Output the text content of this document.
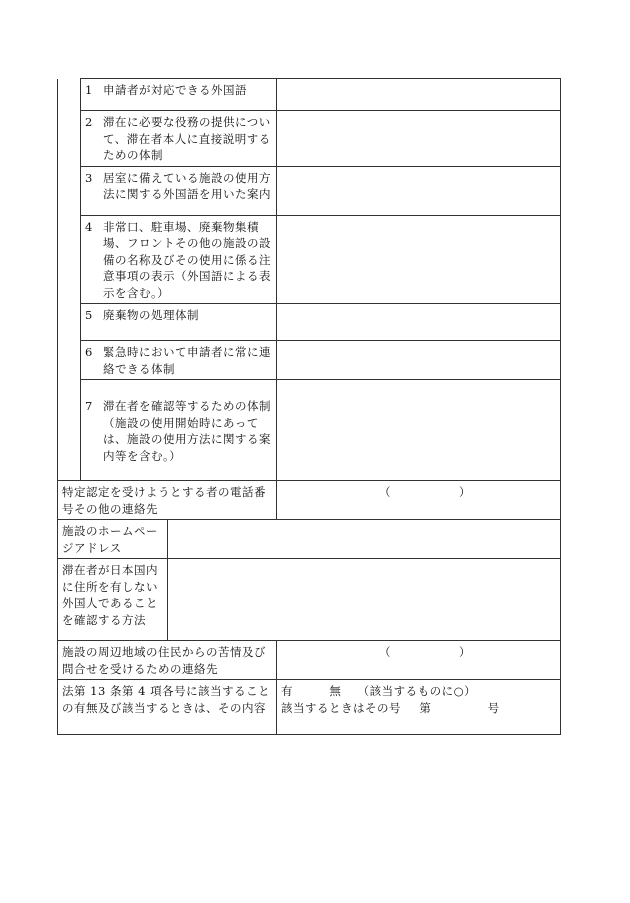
	1 申請者が対応できる外国語		

	2 滞在に必要な役務の提供について、滞在者本人に直接説明するための体制		

	3 居室に備えている施設の使用方法に関する外国語を用いた案内		

	4 非常口、駐車場、廃棄物集積場、フロントその他の施設の設備の名称及びその使用に係る注意事項の表示（外国語による表示を含む。）		

	5 廃棄物の処理体制		

	6 緊急時において申請者に常に連絡できる体制		

	7 滞在者を確認等するための体制（施設の使用開始時にあっては、施設の使用方法に関する案内等を含む。）		

特定認定を受けようとする者の電話番号その他の連絡先			（ ）

施設のホームページアドレス			
滞在者が日本国内に住所を有しない外国人であることを確認する方法			
施設の周辺地域の住民からの苦情及び問合せを受けるための連絡先			（ ）

法第 13 条第 4 項各号に該当することの有無及び該当するときは、その内容			有 無 （該当するものに○）
該当するときはその号 第 号
